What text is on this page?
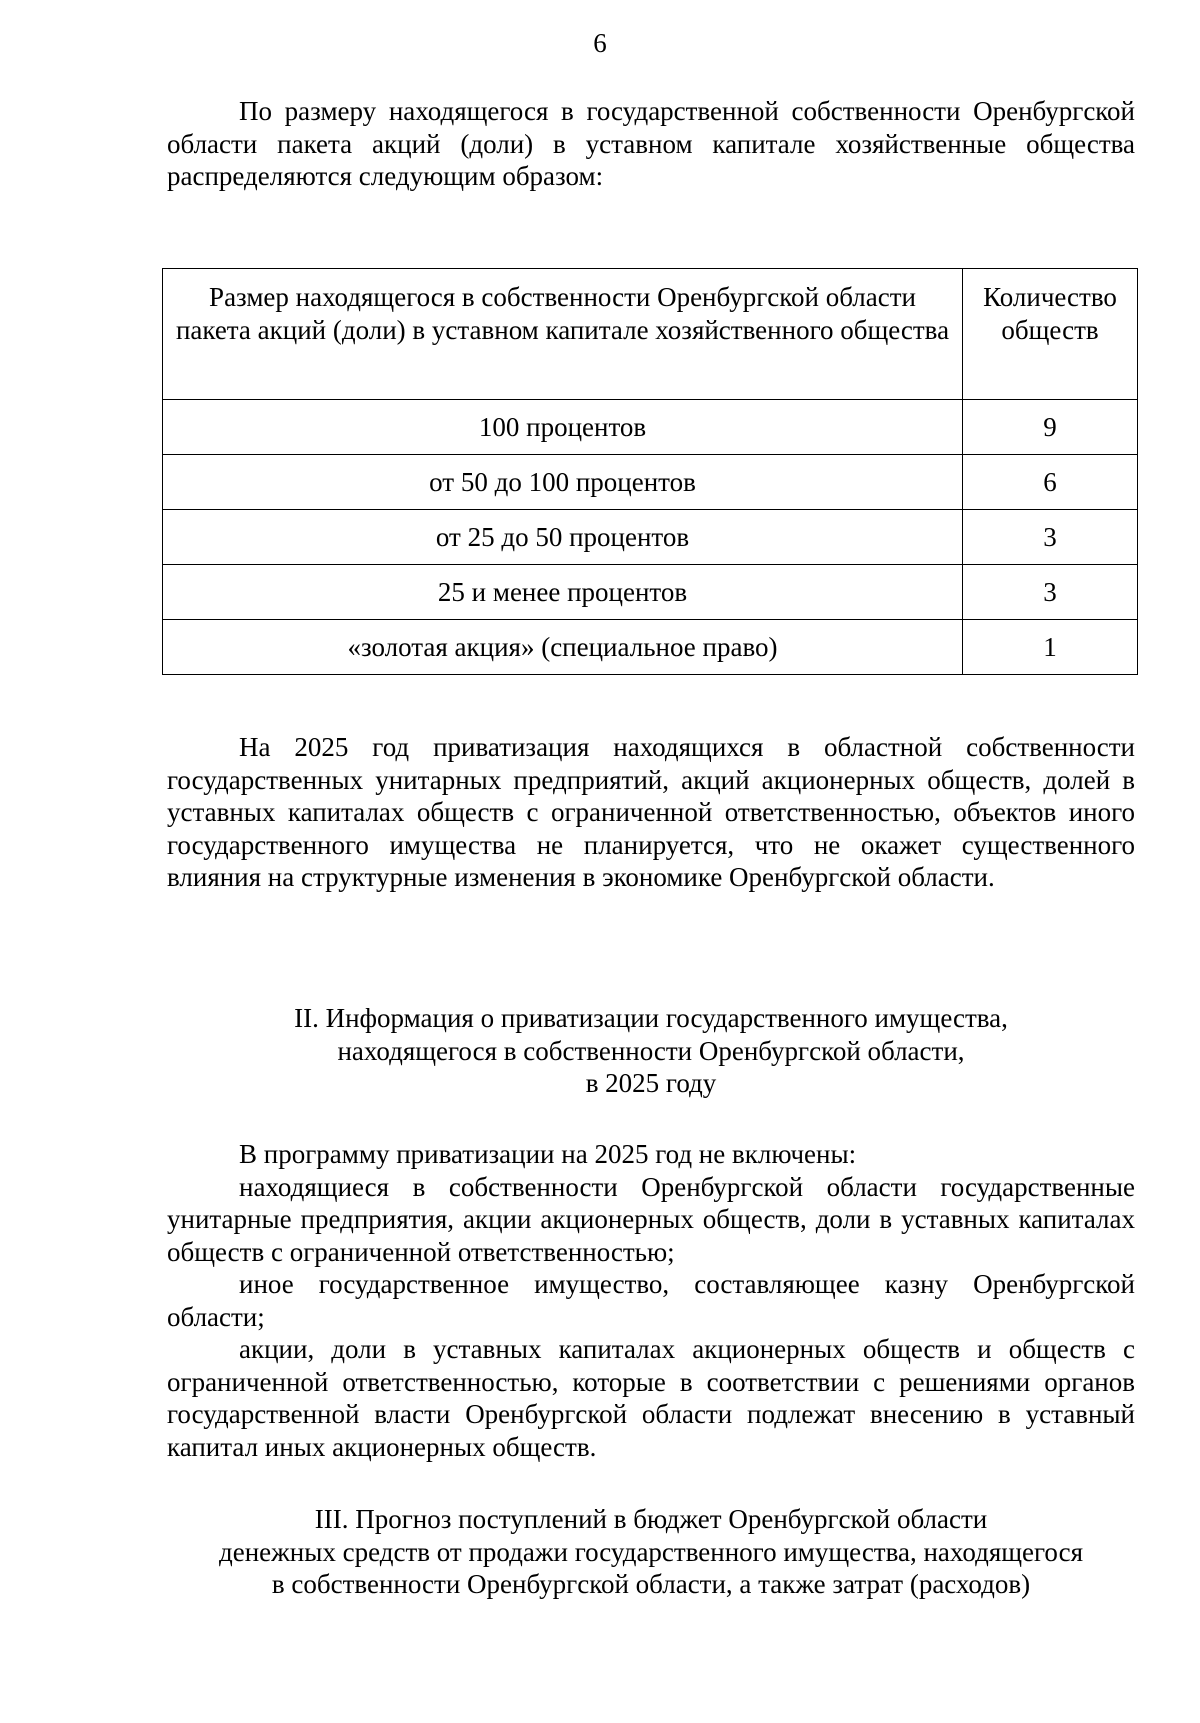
6

По размеру находящегося в государственной собственности Оренбургской области пакета акций (доли) в уставном капитале хозяйственные общества распределяются следующим образом:

Размер находящегося в собственности Оренбургской области пакета акций (доли) в уставном капитале хозяйственного общества	Количество обществ
100 процентов	9
от 50 до 100 процентов	6
от 25 до 50 процентов	3
25 и менее процентов	3
«золотая акция» (специальное право)	1

На 2025 год приватизация находящихся в областной собственности государственных унитарных предприятий, акций акционерных обществ, долей в уставных капиталах обществ с ограниченной ответственностью, объектов иного государственного имущества не планируется, что не окажет существенного влияния на структурные изменения в экономике Оренбургской области.

II. Информация о приватизации государственного имущества,
находящегося в собственности Оренбургской области,
в 2025 году

В программу приватизации на 2025 год не включены:

находящиеся в собственности Оренбургской области государственные унитарные предприятия, акции акционерных обществ, доли в уставных капиталах обществ с ограниченной ответственностью;

иное государственное имущество, составляющее казну Оренбургской области;

акции, доли в уставных капиталах акционерных обществ и обществ с ограниченной ответственностью, которые в соответствии с решениями органов государственной власти Оренбургской области подлежат внесению в уставный капитал иных акционерных обществ.

III. Прогноз поступлений в бюджет Оренбургской области
денежных средств от продажи государственного имущества, находящегося
в собственности Оренбургской области, а также затрат (расходов)
